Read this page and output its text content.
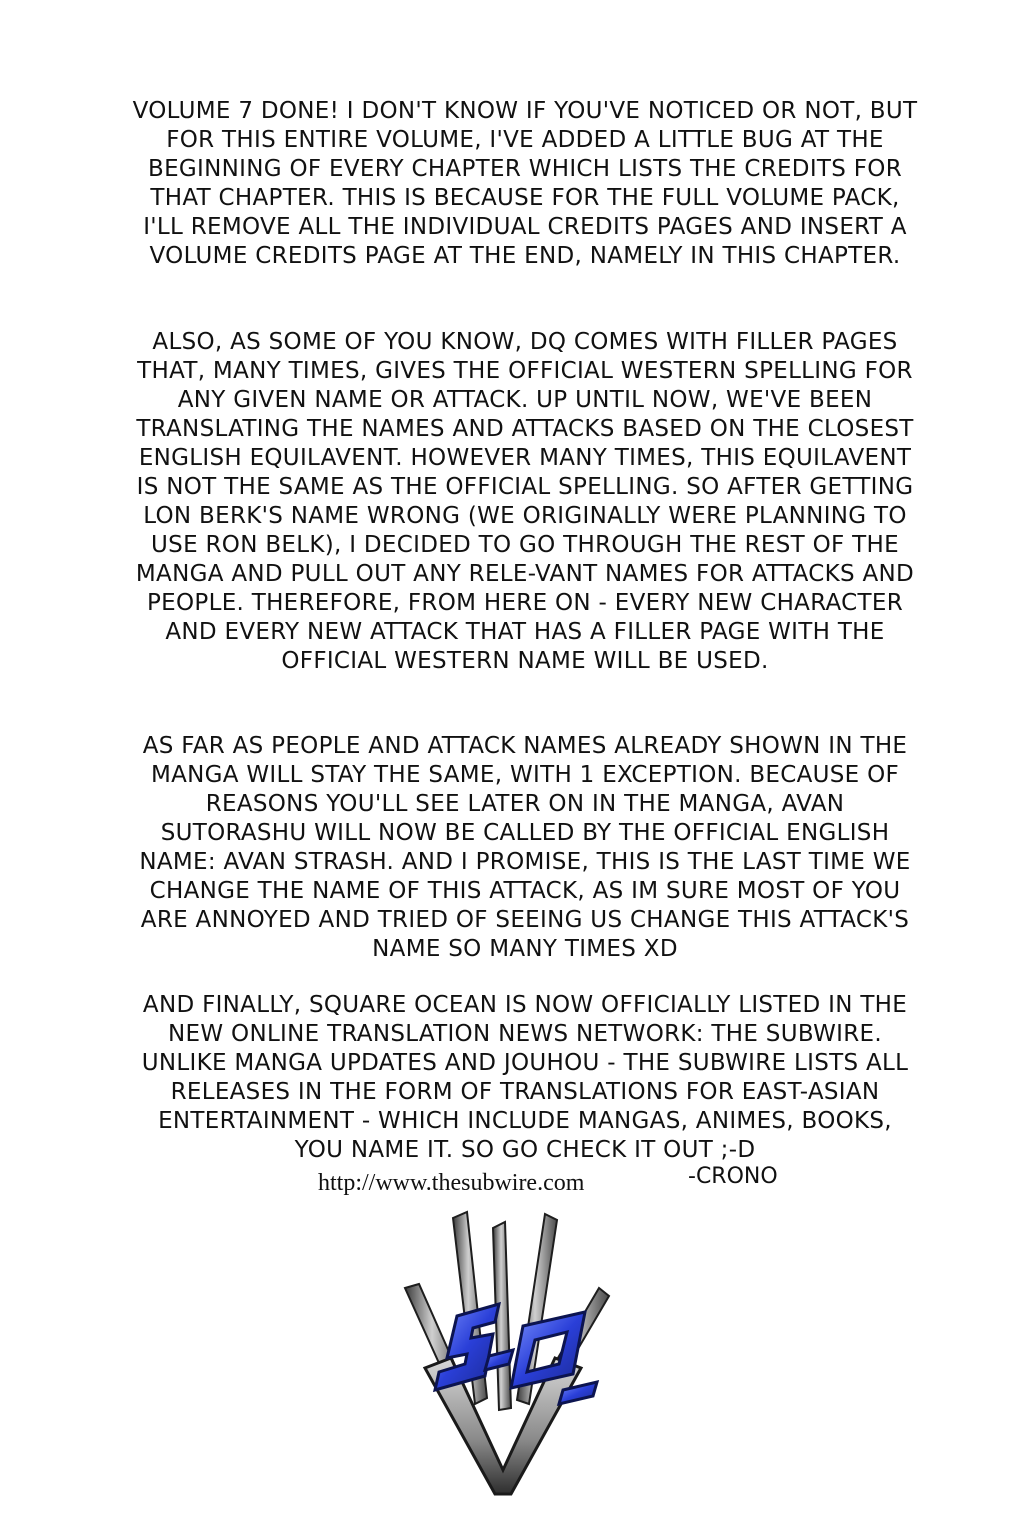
VOLUME 7 DONE! I DON'T KNOW IF YOU'VE NOTICED OR NOT, BUT FOR THIS ENTIRE VOLUME, I'VE ADDED A LITTLE BUG AT THE BEGINNING OF EVERY CHAPTER WHICH LISTS THE CREDITS FOR THAT CHAPTER. THIS IS BECAUSE FOR THE FULL VOLUME PACK, I'LL REMOVE ALL THE INDIVIDUAL CREDITS PAGES AND INSERT A VOLUME CREDITS PAGE AT THE END, NAMELY IN THIS CHAPTER.

ALSO, AS SOME OF YOU KNOW, DQ COMES WITH FILLER PAGES THAT, MANY TIMES, GIVES THE OFFICIAL WESTERN SPELLING FOR ANY GIVEN NAME OR ATTACK. UP UNTIL NOW, WE'VE BEEN TRANSLATING THE NAMES AND ATTACKS BASED ON THE CLOSEST ENGLISH EQUILAVENT. HOWEVER MANY TIMES, THIS EQUILAVENT IS NOT THE SAME AS THE OFFICIAL SPELLING. SO AFTER GETTING LON BERK'S NAME WRONG (WE ORIGINALLY WERE PLANNING TO USE RON BELK), I DECIDED TO GO THROUGH THE REST OF THE MANGA AND PULL OUT ANY RELE-VANT NAMES FOR ATTACKS AND PEOPLE. THEREFORE, FROM HERE ON - EVERY NEW CHARACTER AND EVERY NEW ATTACK THAT HAS A FILLER PAGE WITH THE OFFICIAL WESTERN NAME WILL BE USED.

AS FAR AS PEOPLE AND ATTACK NAMES ALREADY SHOWN IN THE MANGA WILL STAY THE SAME, WITH 1 EXCEPTION. BECAUSE OF REASONS YOU'LL SEE LATER ON IN THE MANGA, AVAN SUTORASHU WILL NOW BE CALLED BY THE OFFICIAL ENGLISH NAME: AVAN STRASH. AND I PROMISE, THIS IS THE LAST TIME WE CHANGE THE NAME OF THIS ATTACK, AS IM SURE MOST OF YOU ARE ANNOYED AND TRIED OF SEEING US CHANGE THIS ATTACK'S NAME SO MANY TIMES XD

AND FINALLY, SQUARE OCEAN IS NOW OFFICIALLY LISTED IN THE NEW ONLINE TRANSLATION NEWS NETWORK: THE SUBWIRE. UNLIKE MANGA UPDATES AND JOUHOU - THE SUBWIRE LISTS ALL RELEASES IN THE FORM OF TRANSLATIONS FOR EAST-ASIAN ENTERTAINMENT - WHICH INCLUDE MANGAS, ANIMES, BOOKS, YOU NAME IT. SO GO CHECK IT OUT ;-D

http://www.thesubwire.com	-CRONO
